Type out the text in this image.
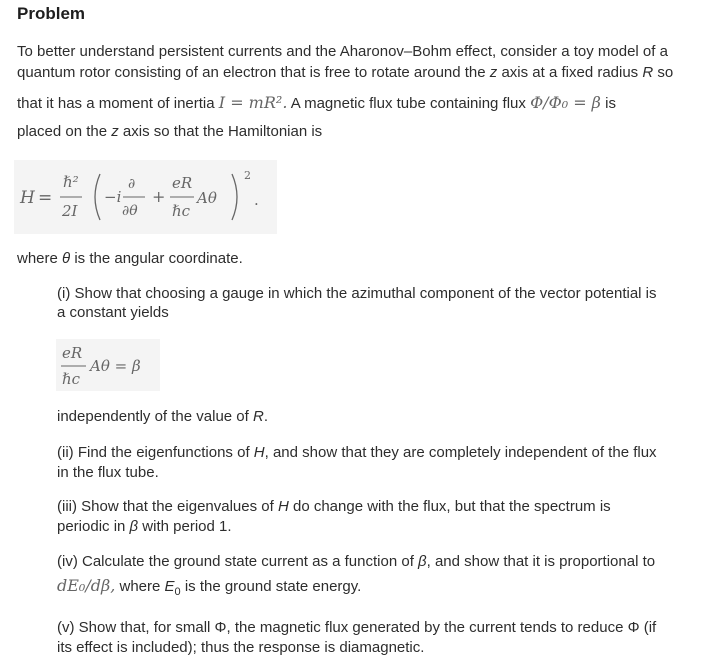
Problem
To better understand persistent currents and the Aharonov–Bohm effect, consider a toy model of a
quantum rotor consisting of an electron that is free to rotate around the z axis at a fixed radius R so
that it has a moment of inertia I = mR². A magnetic flux tube containing flux Φ/Φ₀ = β is
placed on the z axis so that the Hamiltonian is
H =
ℏ²
2I
−i
∂
∂θ
+
eR
ℏc
Aθ
2
.
where θ is the angular coordinate.
(i) Show that choosing a gauge in which the azimuthal component of the vector potential is
a constant yields
eR
ℏc
Aθ = β
independently of the value of R.
(ii) Find the eigenfunctions of H, and show that they are completely independent of the flux
in the flux tube.
(iii) Show that the eigenvalues of H do change with the flux, but that the spectrum is
periodic in β with period 1.
(iv) Calculate the ground state current as a function of β, and show that it is proportional to
dE₀/dβ, where $E_0$ is the ground state energy.
(v) Show that, for small Φ, the magnetic flux generated by the current tends to reduce Φ (if
its effect is included); thus the response is diamagnetic.
